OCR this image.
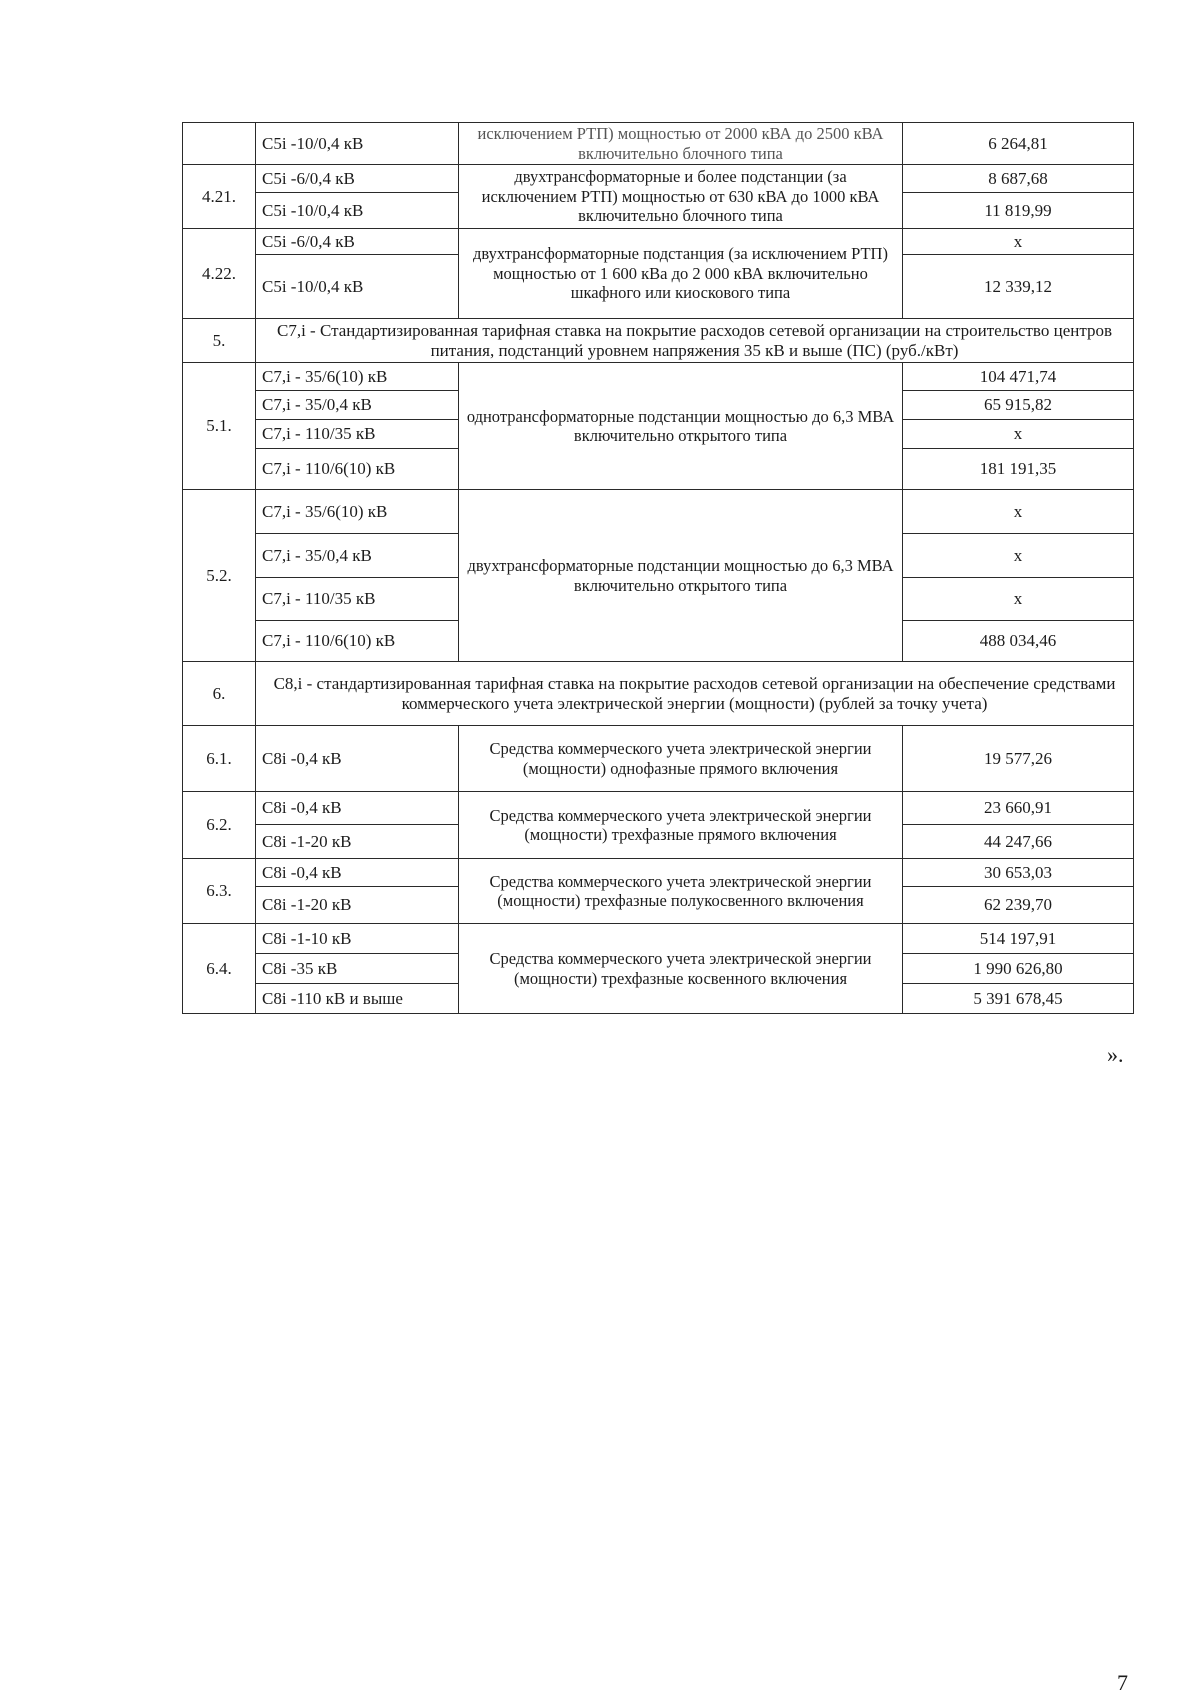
	С5i -10/0,4 кВ	исключением РТП) мощностью от 2000 кВА до 2500 кВА включительно блочного типа	6 264,81
4.21.	С5i -6/0,4 кВ	двухтрансформаторные и более подстанции (за исключением РТП) мощностью от 630 кВА до 1000 кВА включительно блочного типа	8 687,68
	С5i -10/0,4 кВ		11 819,99
4.22.	С5i -6/0,4 кВ	двухтрансформаторные подстанция (за исключением РТП) мощностью от 1 600 кВа до 2 000 кВА включительно шкафного или киоскового типа	х
	С5i -10/0,4 кВ		12 339,12
5.	С7,i - Стандартизированная тарифная ставка на покрытие расходов сетевой организации на строительство центров питания, подстанций уровнем напряжения 35 кВ и выше (ПС) (руб./кВт)		
5.1.	С7,i - 35/6(10) кВ	однотрансформаторные подстанции мощностью до 6,3 МВА включительно открытого типа	104 471,74
	С7,i - 35/0,4 кВ		65 915,82
	С7,i - 110/35 кВ		х
	С7,i - 110/6(10) кВ		181 191,35
5.2.	С7,i - 35/6(10) кВ	двухтрансформаторные подстанции мощностью до 6,3 МВА включительно открытого типа	х
	С7,i - 35/0,4 кВ		х
	С7,i - 110/35 кВ		х
	С7,i - 110/6(10) кВ		488 034,46
6.	С8,i - стандартизированная тарифная ставка на покрытие расходов сетевой организации на обеспечение средствами коммерческого учета электрической энергии (мощности) (рублей за точку учета)		
6.1.	С8i -0,4 кВ	Средства коммерческого учета электрической энергии (мощности) однофазные прямого включения	19 577,26
6.2.	С8i -0,4 кВ	Средства коммерческого учета электрической энергии (мощности) трехфазные прямого включения	23 660,91
	С8i -1-20 кВ		44 247,66
6.3.	С8i -0,4 кВ	Средства коммерческого учета электрической энергии (мощности) трехфазные полукосвенного включения	30 653,03
	С8i -1-20 кВ		62 239,70
6.4.	С8i -1-10 кВ	Средства коммерческого учета электрической энергии (мощности) трехфазные косвенного включения	514 197,91
	С8i -35 кВ		1 990 626,80
	С8i -110 кВ и выше		5 391 678,45
».
7
